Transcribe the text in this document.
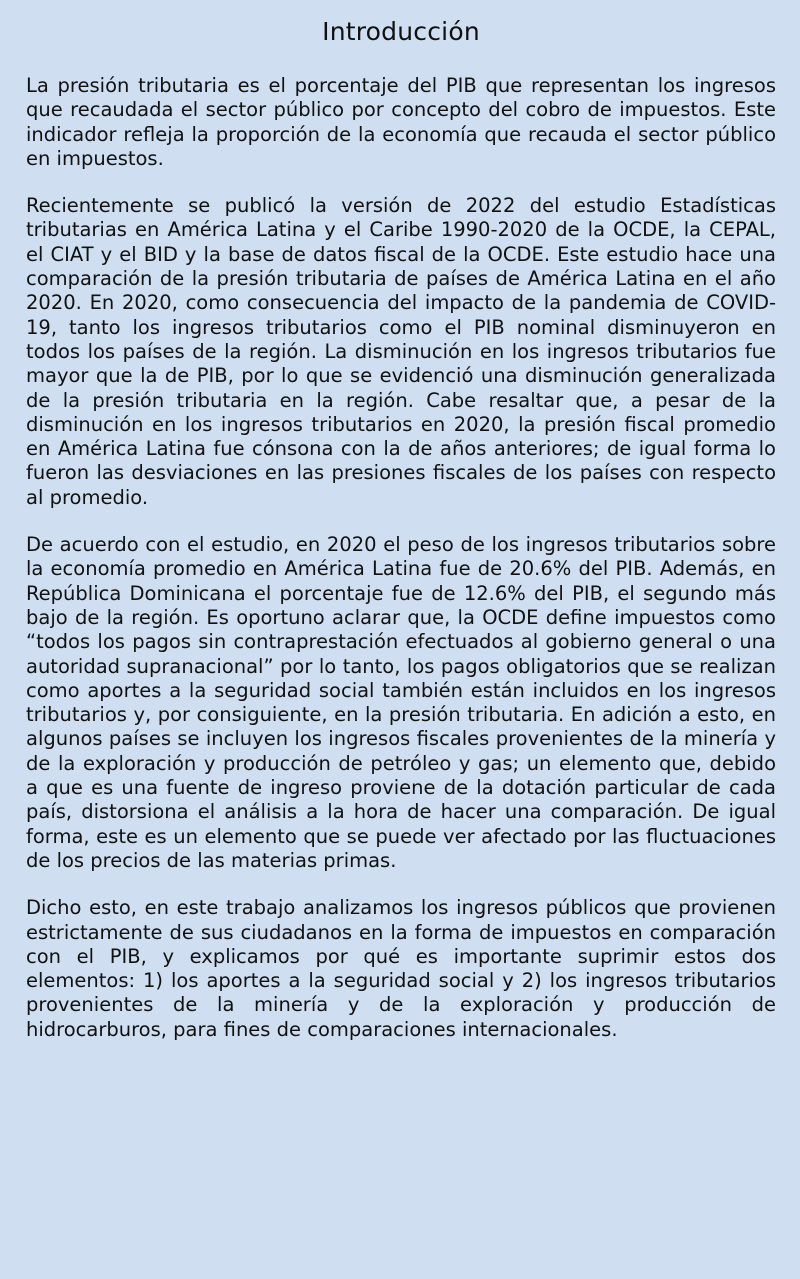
Introducción

La presión tributaria es el porcentaje del PIB que representan los ingresos que recaudada el sector público por concepto del cobro de impuestos. Este indicador refleja la proporción de la economía que recauda el sector público en impuestos.

Recientemente se publicó la versión de 2022 del estudio Estadísticas tributarias en América Latina y el Caribe 1990-2020 de la OCDE, la CEPAL, el CIAT y el BID y la base de datos fiscal de la OCDE. Este estudio hace una comparación de la presión tributaria de países de América Latina en el año 2020. En 2020, como consecuencia del impacto de la pandemia de COVID-19, tanto los ingresos tributarios como el PIB nominal disminuyeron en todos los países de la región. La disminución en los ingresos tributarios fue mayor que la de PIB, por lo que se evidenció una disminución generalizada de la presión tributaria en la región. Cabe resaltar que, a pesar de la disminución en los ingresos tributarios en 2020, la presión fiscal promedio en América Latina fue cónsona con la de años anteriores; de igual forma lo fueron las desviaciones en las presiones fiscales de los países con respecto al promedio.

De acuerdo con el estudio, en 2020 el peso de los ingresos tributarios sobre la economía promedio en América Latina fue de 20.6% del PIB. Además, en República Dominicana el porcentaje fue de 12.6% del PIB, el segundo más bajo de la región. Es oportuno aclarar que, la OCDE define impuestos como “todos los pagos sin contraprestación efectuados al gobierno general o una autoridad supranacional” por lo tanto, los pagos obligatorios que se realizan como aportes a la seguridad social también están incluidos en los ingresos tributarios y, por consiguiente, en la presión tributaria. En adición a esto, en algunos países se incluyen los ingresos fiscales provenientes de la minería y de la exploración y producción de petróleo y gas; un elemento que, debido a que es una fuente de ingreso proviene de la dotación particular de cada país, distorsiona el análisis a la hora de hacer una comparación. De igual forma, este es un elemento que se puede ver afectado por las fluctuaciones de los precios de las materias primas.

Dicho esto, en este trabajo analizamos los ingresos públicos que provienen estrictamente de sus ciudadanos en la forma de impuestos en comparación con el PIB, y explicamos por qué es importante suprimir estos dos elementos: 1) los aportes a la seguridad social y 2) los ingresos tributarios provenientes de la minería y de la exploración y producción de hidrocarburos, para fines de comparaciones internacionales.
